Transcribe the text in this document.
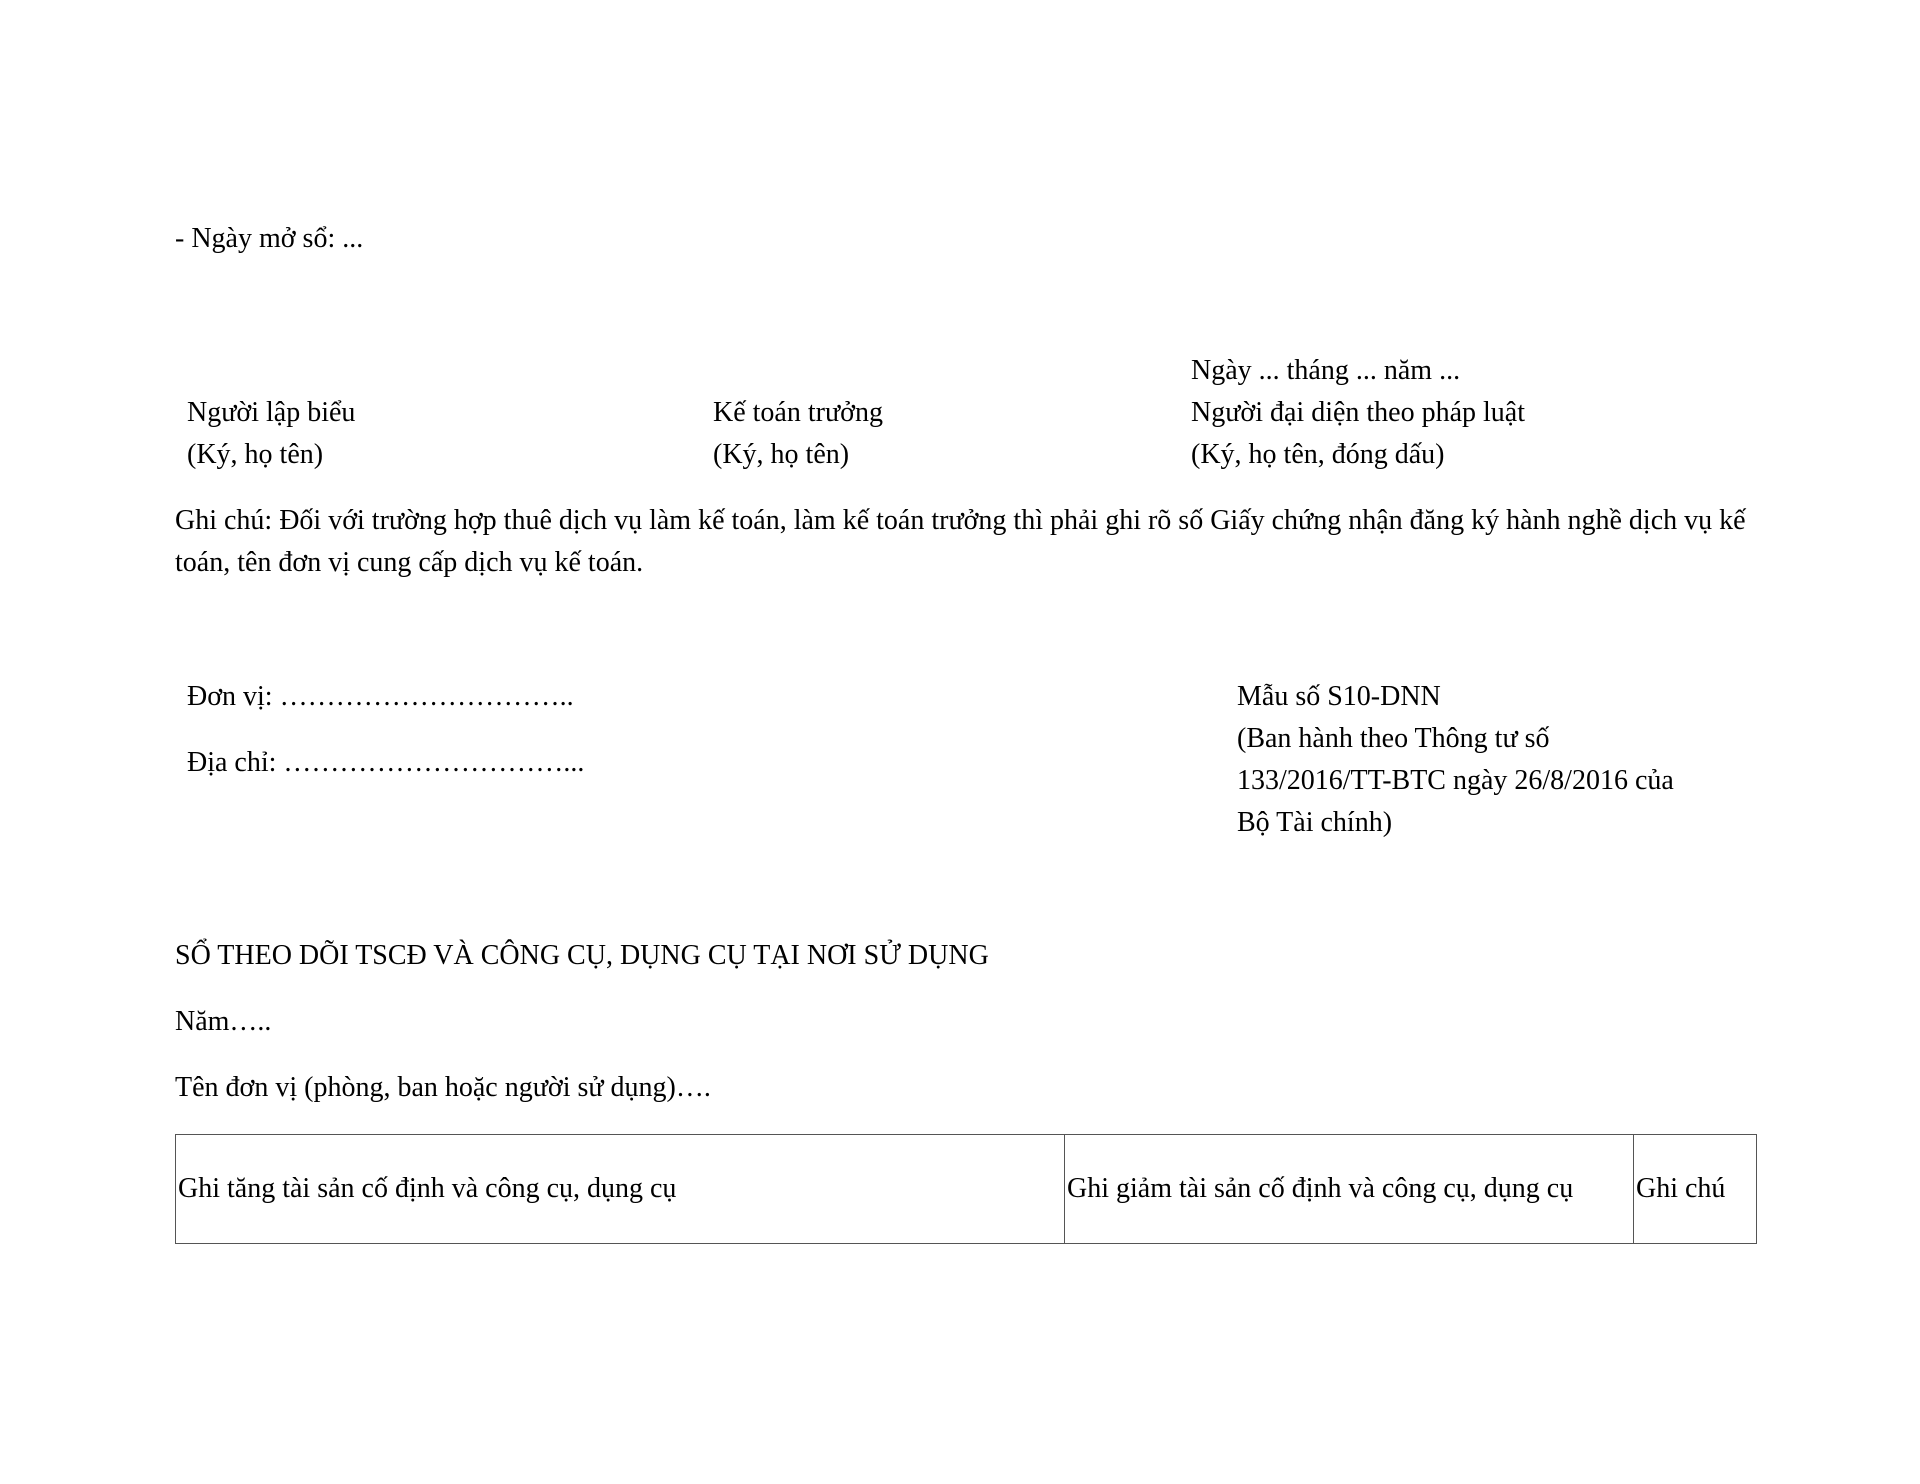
- Ngày mở sổ: ...
Ngày ... tháng ... năm ...
Người lập biểu
(Ký, họ tên)
Kế toán trưởng
(Ký, họ tên)
Người đại diện theo pháp luật
(Ký, họ tên, đóng dấu)
Ghi chú: Đối với trường hợp thuê dịch vụ làm kế toán, làm kế toán trưởng thì phải ghi rõ số Giấy chứng nhận đăng ký hành nghề dịch vụ kế toán, tên đơn vị cung cấp dịch vụ kế toán.
Đơn vị: …………………………..
Địa chỉ: …………………………...
Mẫu số S10-DNN
(Ban hành theo Thông tư số
133/2016/TT-BTC ngày 26/8/2016 của
Bộ Tài chính)
SỔ THEO DÕI TSCĐ VÀ CÔNG CỤ, DỤNG CỤ TẠI NƠI SỬ DỤNG
Năm…..
Tên đơn vị (phòng, ban hoặc người sử dụng)….
Ghi tăng tài sản cố định và công cụ, dụng cụ	Ghi giảm tài sản cố định và công cụ, dụng cụ	Ghi chú
